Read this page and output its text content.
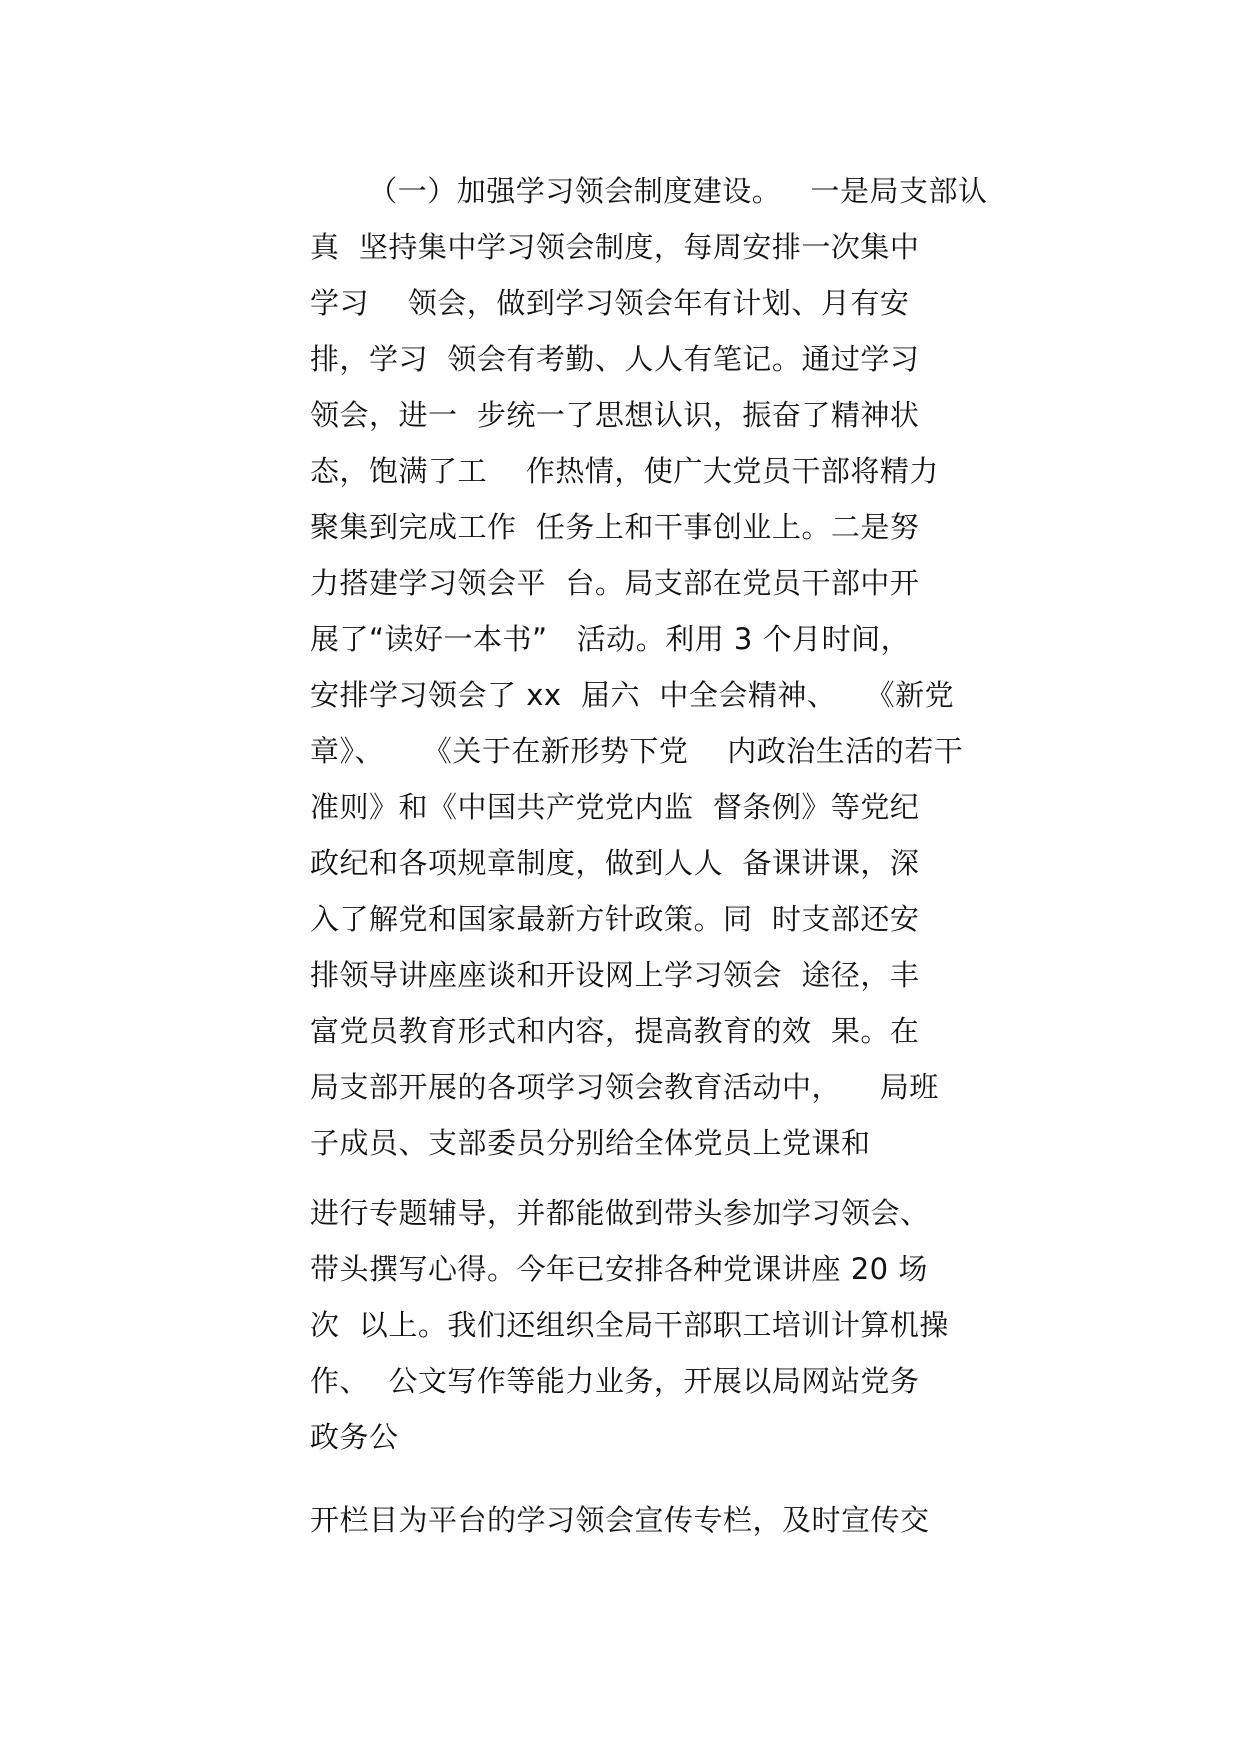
（一）加强学习领会制度建设。   一是局支部认
真  坚持集中学习领会制度，每周安排一次集中
学习    领会，做到学习领会年有计划、月有安
排，学习  领会有考勤、人人有笔记。通过学习
领会，进一  步统一了思想认识，振奋了精神状
态，饱满了工    作热情，使广大党员干部将精力
聚集到完成工作  任务上和干事创业上。二是努
力搭建学习领会平  台。局支部在党员干部中开
展了“读好一本书”   活动。利用 3 个月时间，
安排学习领会了 xx  届六  中全会精神、   《新党
章》、    《关于在新形势下党    内政治生活的若干
准则》和《中国共产党党内监  督条例》等党纪
政纪和各项规章制度，做到人人  备课讲课，深
入了解党和国家最新方针政策。同  时支部还安
排领导讲座座谈和开设网上学习领会  途径，丰
富党员教育形式和内容，提高教育的效  果。在
局支部开展的各项学习领会教育活动中，    局班
子成员、支部委员分别给全体党员上党课和
进行专题辅导，并都能做到带头参加学习领会、
带头撰写心得。今年已安排各种党课讲座 20 场
次  以上。我们还组织全局干部职工培训计算机操
作、  公文写作等能力业务，开展以局网站党务
政务公
开栏目为平台的学习领会宣传专栏，及时宣传交
